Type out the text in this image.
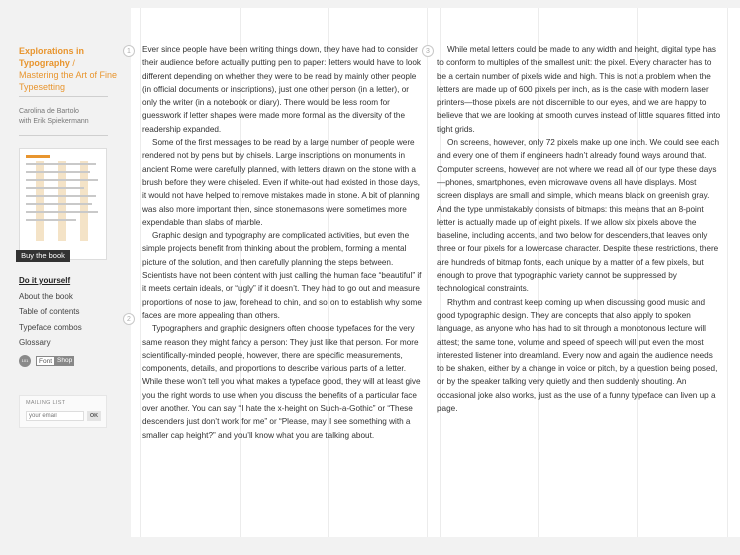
Explorations in Typography /
Mastering the Art of Fine Typesetting
Carolina de Bartolo
with Erik Spiekermann
Buy the book
Do it yourself
About the book
Table of contents
Typeface combos
Glossary
101	Font Shop
MAILING LIST
your email
OK
1
2
3

Ever since people have been writing things down, they have had to consider their audience before actually putting pen to paper: letters would have to look different depending on whether they were to be read by mainly other people (in official documents or inscriptions), just one other person (in a letter), or only the writer (in a notebook or diary). There would be less room for guesswork if letter shapes were made more formal as the diversity of the readership expanded.

Some of the first messages to be read by a large number of people were rendered not by pens but by chisels. Large inscriptions on monuments in ancient Rome were carefully planned, with letters drawn on the stone with a brush before they were chiseled. Even if white-out had existed in those days, it would not have helped to remove mistakes made in stone. A bit of planning was also more important then, since stonemasons were sometimes more expendable than slabs of marble.

Graphic design and typography are complicated activities, but even the simple projects benefit from thinking about the problem, forming a mental picture of the solution, and then carefully planning the steps between.

Scientists have not been content with just calling the human face “beautiful” if it meets certain ideals, or “ugly” if it doesn’t. They had to go out and measure proportions of nose to jaw, forehead to chin, and so on to establish why some faces are more appealing than others.

Typographers and graphic designers often choose typefaces for the very same reason they might fancy a person: They just like that person. For more scientifically-minded people, however, there are specific measurements, components, details, and proportions to describe various parts of a letter. While these won’t tell you what makes a typeface good, they will at least give you the right words to use when you discuss the benefits of a particular face over another. You can say “I hate the x-height on Such-a-Gothic” or “These descenders just don’t work for me” or “Please, may I see something with a smaller cap height?” and you’ll know what you are talking about.

While metal letters could be made to any width and height, digital type has to conform to multiples of the smallest unit: the pixel. Every character has to be a certain number of pixels wide and high. This is not a problem when the letters are made up of 600 pixels per inch, as is the case with modern laser printers—those pixels are not discernible to our eyes, and we are happy to believe that we are looking at smooth curves instead of little squares fitted into tight grids.

On screens, however, only 72 pixels make up one inch. We could see each and every one of them if engineers hadn’t already found ways around that. Computer screens, however are not where we read all of our type these days—phones, smartphones, even microwave ovens all have displays. Most screen displays are small and simple, which means black on greenish gray. And the type unmistakably consists of bitmaps: this means that an 8-point letter is actually made up of eight pixels. If we allow six pixels above the baseline, including accents, and two below for descenders,that leaves only three or four pixels for a lowercase character. Despite these restrictions, there are hundreds of bitmap fonts, each unique by a matter of a few pixels, but enough to prove that typographic variety cannot be suppressed by technological constraints.

Rhythm and contrast keep coming up when discussing good music and good typographic design. They are concepts that also apply to spoken language, as anyone who has had to sit through a monotonous lecture will attest; the same tone, volume and speed of speech will put even the most interested listener into dreamland. Every now and again the audience needs to be shaken, either by a change in voice or pitch, by a question being posed, or by the speaker talking very quietly and then suddenly shouting. An occasional joke also works, just as the use of a funny typeface can liven up a page.
